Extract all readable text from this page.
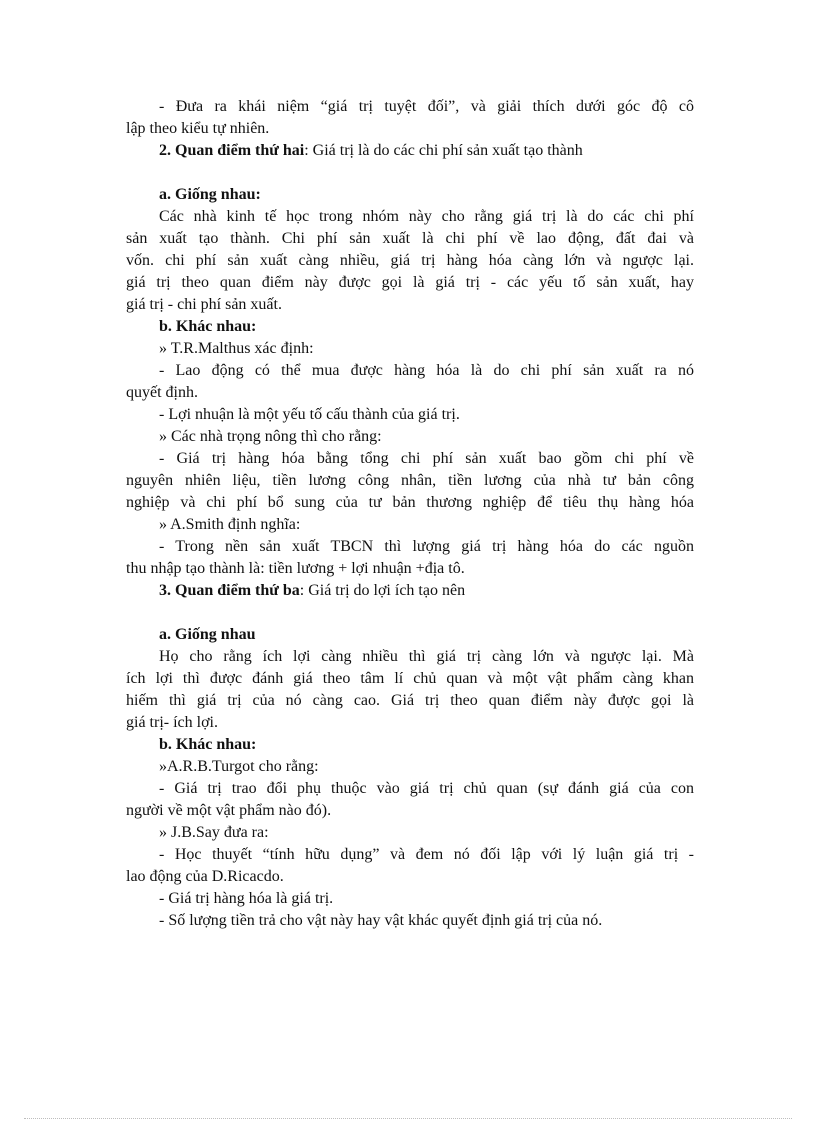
- Đưa ra khái niệm “giá trị tuyệt đối”, và giải thích dưới góc độ cô
lập theo kiểu tự nhiên.
2. Quan điểm thứ hai: Giá trị là do các chi phí sản xuất tạo thành
a. Giống nhau:
Các nhà kinh tế học trong nhóm này cho rằng giá trị là do các chi phí
sản xuất tạo thành. Chi phí sản xuất là chi phí về lao động, đất đai và
vốn. chi phí sản xuất càng nhiều, giá trị hàng hóa càng lớn và ngược lại.
giá trị theo quan điểm này được gọi là giá trị - các yếu tố sản xuất, hay
giá trị - chi phí sản xuất.
b. Khác nhau:
» T.R.Malthus xác định:
- Lao động có thể mua được hàng hóa là do chi phí sản xuất ra nó
quyết định.
- Lợi nhuận là một yếu tố cấu thành của giá trị.
» Các nhà trọng nông thì cho rằng:
- Giá trị hàng hóa bằng tổng chi phí sản xuất bao gồm chi phí về
nguyên nhiên liệu, tiền lương công nhân, tiền lương của nhà tư bản công
nghiệp và chi phí bổ sung của tư bản thương nghiệp để tiêu thụ hàng hóa
» A.Smith định nghĩa:
- Trong nền sản xuất TBCN thì lượng giá trị hàng hóa do các nguồn
thu nhập tạo thành là: tiền lương + lợi nhuận +địa tô.
3. Quan điểm thứ ba: Giá trị do lợi ích tạo nên
a. Giống nhau
Họ cho rằng ích lợi càng nhiều thì giá trị càng lớn và ngược lại. Mà
ích lợi thì được đánh giá theo tâm lí chủ quan và một vật phẩm càng khan
hiếm thì giá trị của nó càng cao. Giá trị theo quan điểm này được gọi là
giá trị- ích lợi.
b. Khác nhau:
»A.R.B.Turgot cho rằng:
- Giá trị trao đổi phụ thuộc vào giá trị chủ quan (sự đánh giá của con
người về một vật phẩm nào đó).
» J.B.Say đưa ra:
- Học thuyết “tính hữu dụng” và đem nó đối lập với lý luận giá trị -
lao động của D.Ricacdo.
- Giá trị hàng hóa là giá trị.
- Số lượng tiền trả cho vật này hay vật khác quyết định giá trị của nó.
